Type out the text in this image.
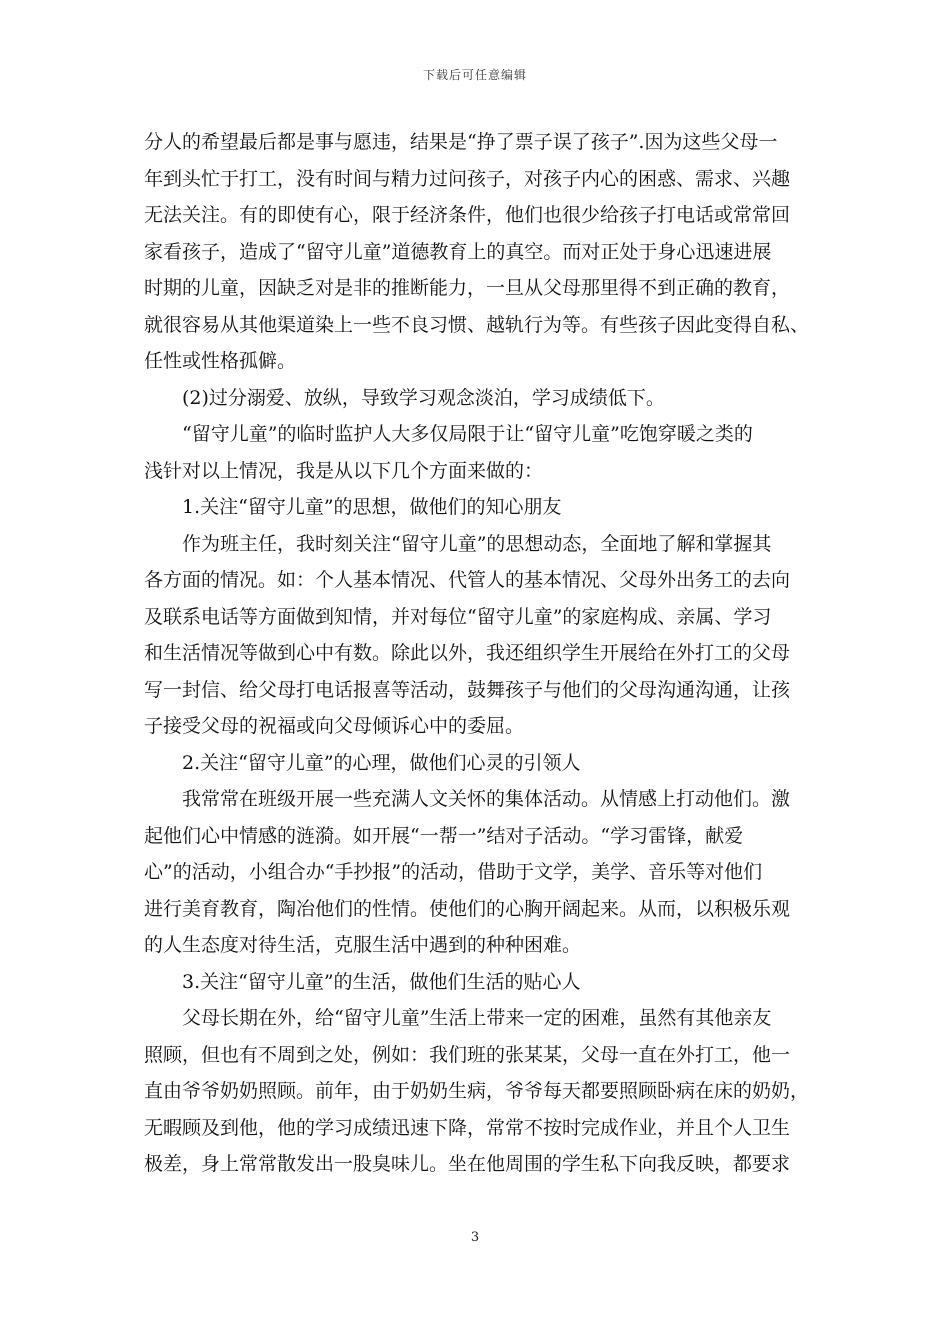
下载后可任意编辑
分人的希望最后都是事与愿违，结果是“挣了票子误了孩子”.因为这些父母一
年到头忙于打工，没有时间与精力过问孩子，对孩子内心的困惑、需求、兴趣
无法关注。有的即使有心，限于经济条件，他们也很少给孩子打电话或常常回
家看孩子，造成了“留守儿童”道德教育上的真空。而对正处于身心迅速进展
时期的儿童，因缺乏对是非的推断能力，一旦从父母那里得不到正确的教育，
就很容易从其他渠道染上一些不良习惯、越轨行为等。有些孩子因此变得自私、
任性或性格孤僻。
(2)过分溺爱、放纵，导致学习观念淡泊，学习成绩低下。
“留守儿童”的临时监护人大多仅局限于让“留守儿童”吃饱穿暖之类的
浅针对以上情况，我是从以下几个方面来做的：
1.关注“留守儿童”的思想，做他们的知心朋友
作为班主任，我时刻关注“留守儿童”的思想动态，全面地了解和掌握其
各方面的情况。如：个人基本情况、代管人的基本情况、父母外出务工的去向
及联系电话等方面做到知情，并对每位“留守儿童”的家庭构成、亲属、学习
和生活情况等做到心中有数。除此以外，我还组织学生开展给在外打工的父母
写一封信、给父母打电话报喜等活动，鼓舞孩子与他们的父母沟通沟通，让孩
子接受父母的祝福或向父母倾诉心中的委屈。
2.关注“留守儿童”的心理，做他们心灵的引领人
我常常在班级开展一些充满人文关怀的集体活动。从情感上打动他们。激
起他们心中情感的涟漪。如开展“一帮一”结对子活动。“学习雷锋，献爱
心”的活动，小组合办“手抄报”的活动，借助于文学，美学、音乐等对他们
进行美育教育，陶冶他们的性情。使他们的心胸开阔起来。从而，以积极乐观
的人生态度对待生活，克服生活中遇到的种种困难。
3.关注“留守儿童”的生活，做他们生活的贴心人
父母长期在外，给“留守儿童”生活上带来一定的困难，虽然有其他亲友
照顾，但也有不周到之处，例如：我们班的张某某，父母一直在外打工，他一
直由爷爷奶奶照顾。前年，由于奶奶生病，爷爷每天都要照顾卧病在床的奶奶，
无暇顾及到他，他的学习成绩迅速下降，常常不按时完成作业，并且个人卫生
极差，身上常常散发出一股臭味儿。坐在他周围的学生私下向我反映，都要求
3
